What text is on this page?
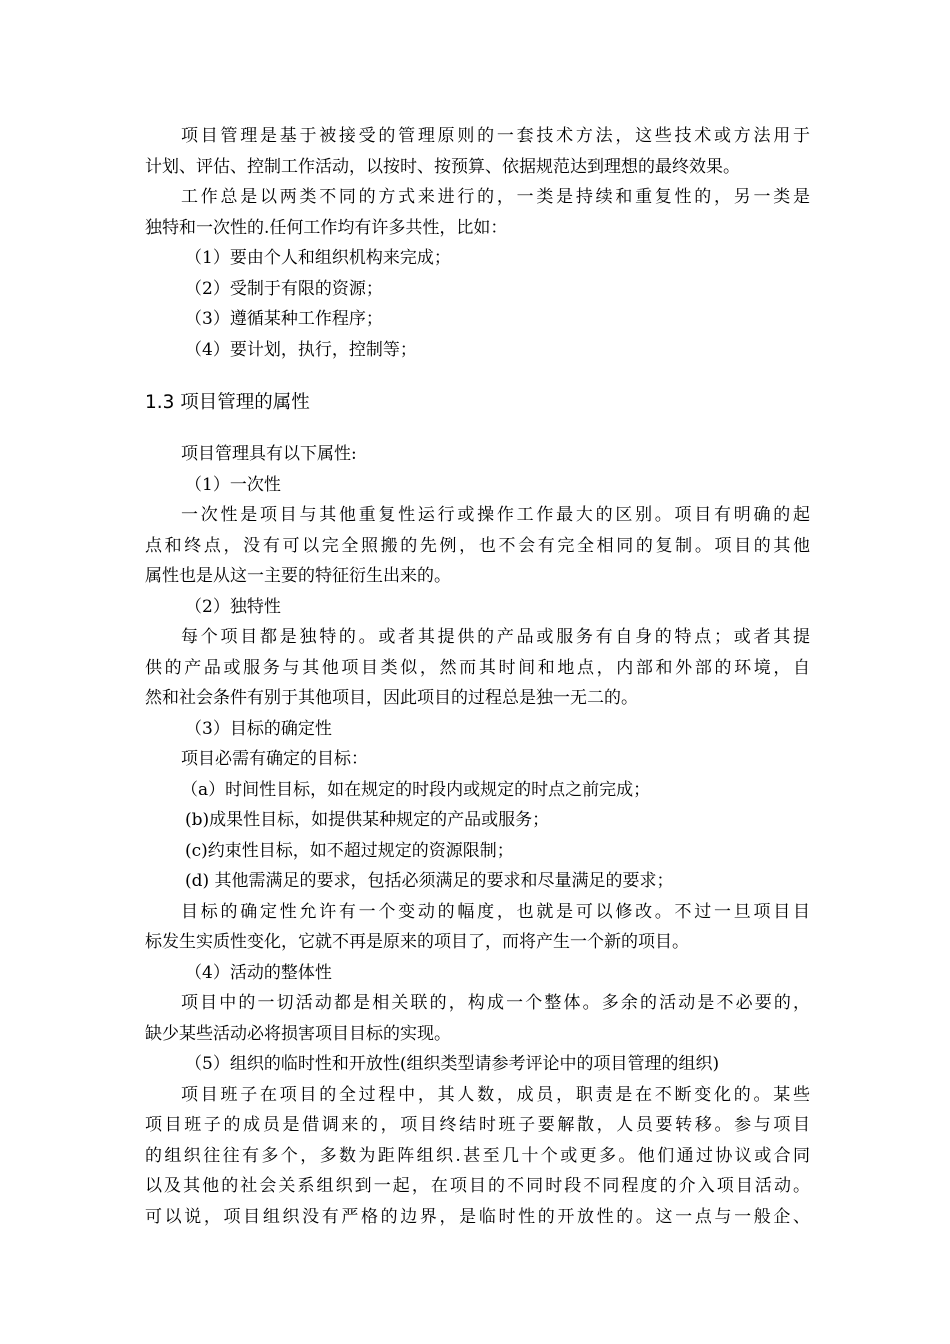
项目管理是基于被接受的管理原则的一套技术方法，这些技术或方法用于
计划、评估、控制工作活动，以按时、按预算、依据规范达到理想的最终效果。
工作总是以两类不同的方式来进行的，一类是持续和重复性的，另一类是
独特和一次性的.任何工作均有许多共性，比如：
（1）要由个人和组织机构来完成；
（2）受制于有限的资源；
（3）遵循某种工作程序；
（4）要计划，执行，控制等；
1.3 项目管理的属性
项目管理具有以下属性:
（1）一次性
一次性是项目与其他重复性运行或操作工作最大的区别。项目有明确的起
点和终点，没有可以完全照搬的先例，也不会有完全相同的复制。项目的其他
属性也是从这一主要的特征衍生出来的。
（2）独特性
每个项目都是独特的。或者其提供的产品或服务有自身的特点；或者其提
供的产品或服务与其他项目类似，然而其时间和地点，内部和外部的环境，自
然和社会条件有别于其他项目，因此项目的过程总是独一无二的。
（3）目标的确定性
项目必需有确定的目标：
（a）时间性目标，如在规定的时段内或规定的时点之前完成；
(b)成果性目标，如提供某种规定的产品或服务；
(c)约束性目标，如不超过规定的资源限制；
(d) 其他需满足的要求，包括必须满足的要求和尽量满足的要求；
目标的确定性允许有一个变动的幅度，也就是可以修改。不过一旦项目目
标发生实质性变化，它就不再是原来的项目了，而将产生一个新的项目。
（4）活动的整体性
项目中的一切活动都是相关联的，构成一个整体。多余的活动是不必要的，
缺少某些活动必将损害项目目标的实现。
（5）组织的临时性和开放性(组织类型请参考评论中的项目管理的组织)
项目班子在项目的全过程中，其人数，成员，职责是在不断变化的。某些
项目班子的成员是借调来的，项目终结时班子要解散，人员要转移。参与项目
的组织往往有多个，多数为距阵组织.甚至几十个或更多。他们通过协议或合同
以及其他的社会关系组织到一起，在项目的不同时段不同程度的介入项目活动。
可以说，项目组织没有严格的边界，是临时性的开放性的。这一点与一般企、
